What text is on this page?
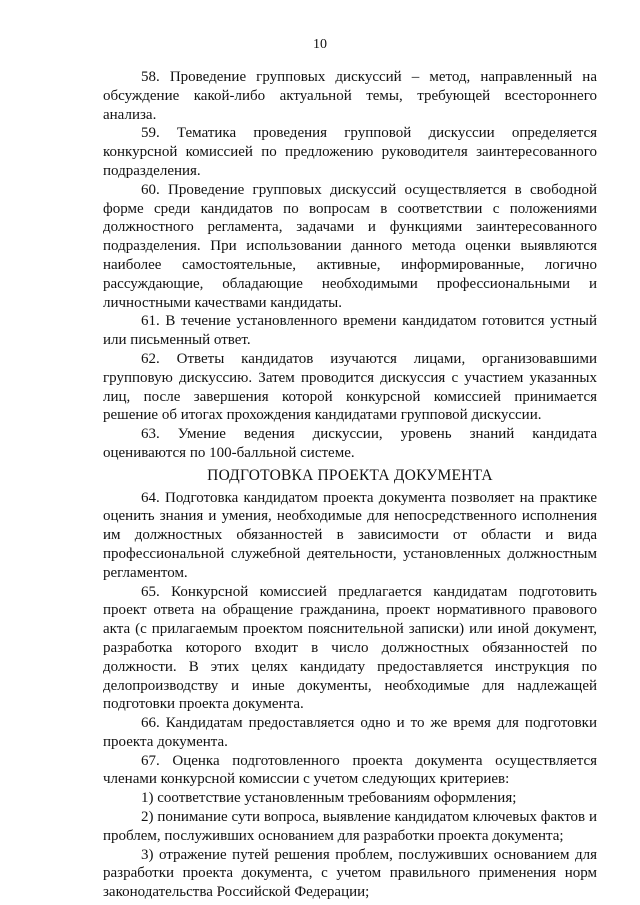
10

58. Проведение групповых дискуссий – метод, направленный на обсуждение какой-либо актуальной темы, требующей всестороннего анализа.

59. Тематика проведения групповой дискуссии определяется конкурсной комиссией по предложению руководителя заинтересованного подразделения.

60. Проведение групповых дискуссий осуществляется в свободной форме среди кандидатов по вопросам в соответствии с положениями должностного регламента, задачами и функциями заинтересованного подразделения. При использовании данного метода оценки выявляются наиболее самостоятельные, активные, информированные, логично рассуждающие, обладающие необходимыми профессиональными и личностными качествами кандидаты.

61. В течение установленного времени кандидатом готовится устный или письменный ответ.

62. Ответы кандидатов изучаются лицами, организовавшими групповую дискуссию. Затем проводится дискуссия с участием указанных лиц, после завершения которой конкурсной комиссией принимается решение об итогах прохождения кандидатами групповой дискуссии.

63. Умение ведения дискуссии, уровень знаний кандидата оцениваются по 100-балльной системе.

ПОДГОТОВКА ПРОЕКТА ДОКУМЕНТА

64. Подготовка кандидатом проекта документа позволяет на практике оценить знания и умения, необходимые для непосредственного исполнения им должностных обязанностей в зависимости от области и вида профессиональной служебной деятельности, установленных должностным регламентом.

65. Конкурсной комиссией предлагается кандидатам подготовить проект ответа на обращение гражданина, проект нормативного правового акта (с прилагаемым проектом пояснительной записки) или иной документ, разработка которого входит в число должностных обязанностей по должности. В этих целях кандидату предоставляется инструкция по делопроизводству и иные документы, необходимые для надлежащей подготовки проекта документа.

66. Кандидатам предоставляется одно и то же время для подготовки проекта документа.

67. Оценка подготовленного проекта документа осуществляется членами конкурсной комиссии с учетом следующих критериев:

1) соответствие установленным требованиям оформления;

2) понимание сути вопроса, выявление кандидатом ключевых фактов и проблем, послуживших основанием для разработки проекта документа;

3) отражение путей решения проблем, послуживших основанием для разработки проекта документа, с учетом правильного применения норм законодательства Российской Федерации;
